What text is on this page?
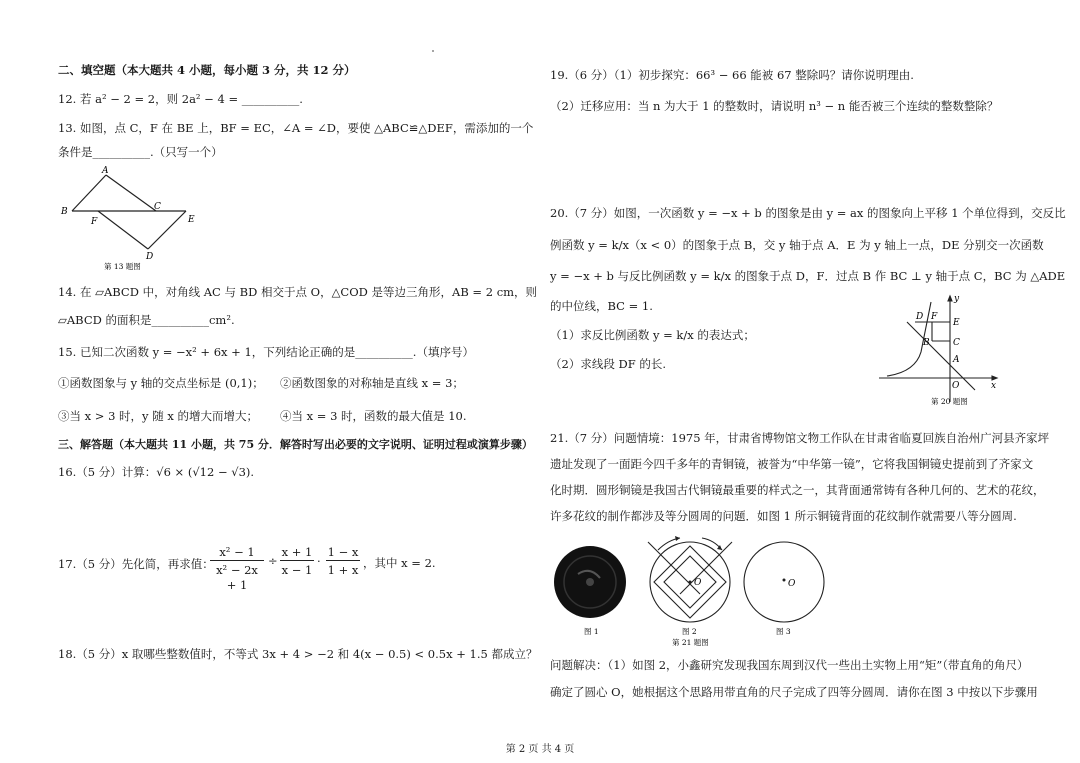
二、填空题（本大题共 4 小题，每小题 3 分，共 12 分）
12. 若 a² − 2 = 2，则 2a² − 4 = __________.
13. 如图，点 C，F 在 BE 上，BF = EC，∠A = ∠D，要使 △ABC≌△DEF，需添加的一个
条件是__________.（只写一个）
A
B	C
E
F
D
第 13 题图
14. 在 ▱ABCD 中，对角线 AC 与 BD 相交于点 O，△COD 是等边三角形，AB = 2 cm，则
▱ABCD 的面积是__________cm².
15. 已知二次函数 y = −x² + 6x + 1，下列结论正确的是__________.（填序号）
①函数图象与 y 轴的交点坐标是 (0,1)； ②函数图象的对称轴是直线 x = 3；
③当 x > 3 时，y 随 x 的增大而增大； ④当 x = 3 时，函数的最大值是 10.
三、解答题（本大题共 11 小题，共 75 分．解答时写出必要的文字说明、证明过程或演算步骤）
16.（5 分）计算：√6 × (√12 − √3).
17.（5 分）先化简，再求值：
x² − 1
x² − 2x + 1
÷
x + 1
x − 1
·
1 − x
1 + x ，其中 x = 2.
18.（5 分）x 取哪些整数值时，不等式 3x + 4 > −2 和 4(x − 0.5) < 0.5x + 1.5 都成立？
19.（6 分）（1）初步探究：66³ − 66 能被 67 整除吗？请你说明理由.
（2）迁移应用：当 n 为大于 1 的整数时，请说明 n³ − n 能否被三个连续的整数整除？
20.（7 分）如图，一次函数 y = −x + b 的图象是由 y = ax 的图象向上平移 1 个单位得到，交反比
例函数 y = k/x（x < 0）的图象于点 B，交 y 轴于点 A．E 为 y 轴上一点，DE 分别交一次函数
y = −x + b 与反比例函数 y = k/x 的图象于点 D，F．过点 B 作 BC ⊥ y 轴于点 C，BC 为 △ADE
的中位线，BC = 1.
（1）求反比例函数 y = k/x 的表达式；
（2）求线段 DF 的长.
y
x
O
A
B	C
D
E
F
第 20 题图
21.（7 分）问题情境：1975 年，甘肃省博物馆文物工作队在甘肃省临夏回族自治州广河县齐家坪
遗址发现了一面距今四千多年的青铜镜，被誉为“中华第一镜”，它将我国铜镜史提前到了齐家文
化时期．圆形铜镜是我国古代铜镜最重要的样式之一，其背面通常铸有各种几何的、艺术的花纹，
许多花纹的制作都涉及等分圆周的问题．如图 1 所示铜镜背面的花纹制作就需要八等分圆周.
O	O
图 1	图 2	图 3
第 21 题图
问题解决：（1）如图 2，小鑫研究发现我国东周到汉代一些出土实物上用“矩”（带直角的角尺）
确定了圆心 O，她根据这个思路用带直角的尺子完成了四等分圆周．请你在图 3 中按以下步骤用
第 2 页 共 4 页
